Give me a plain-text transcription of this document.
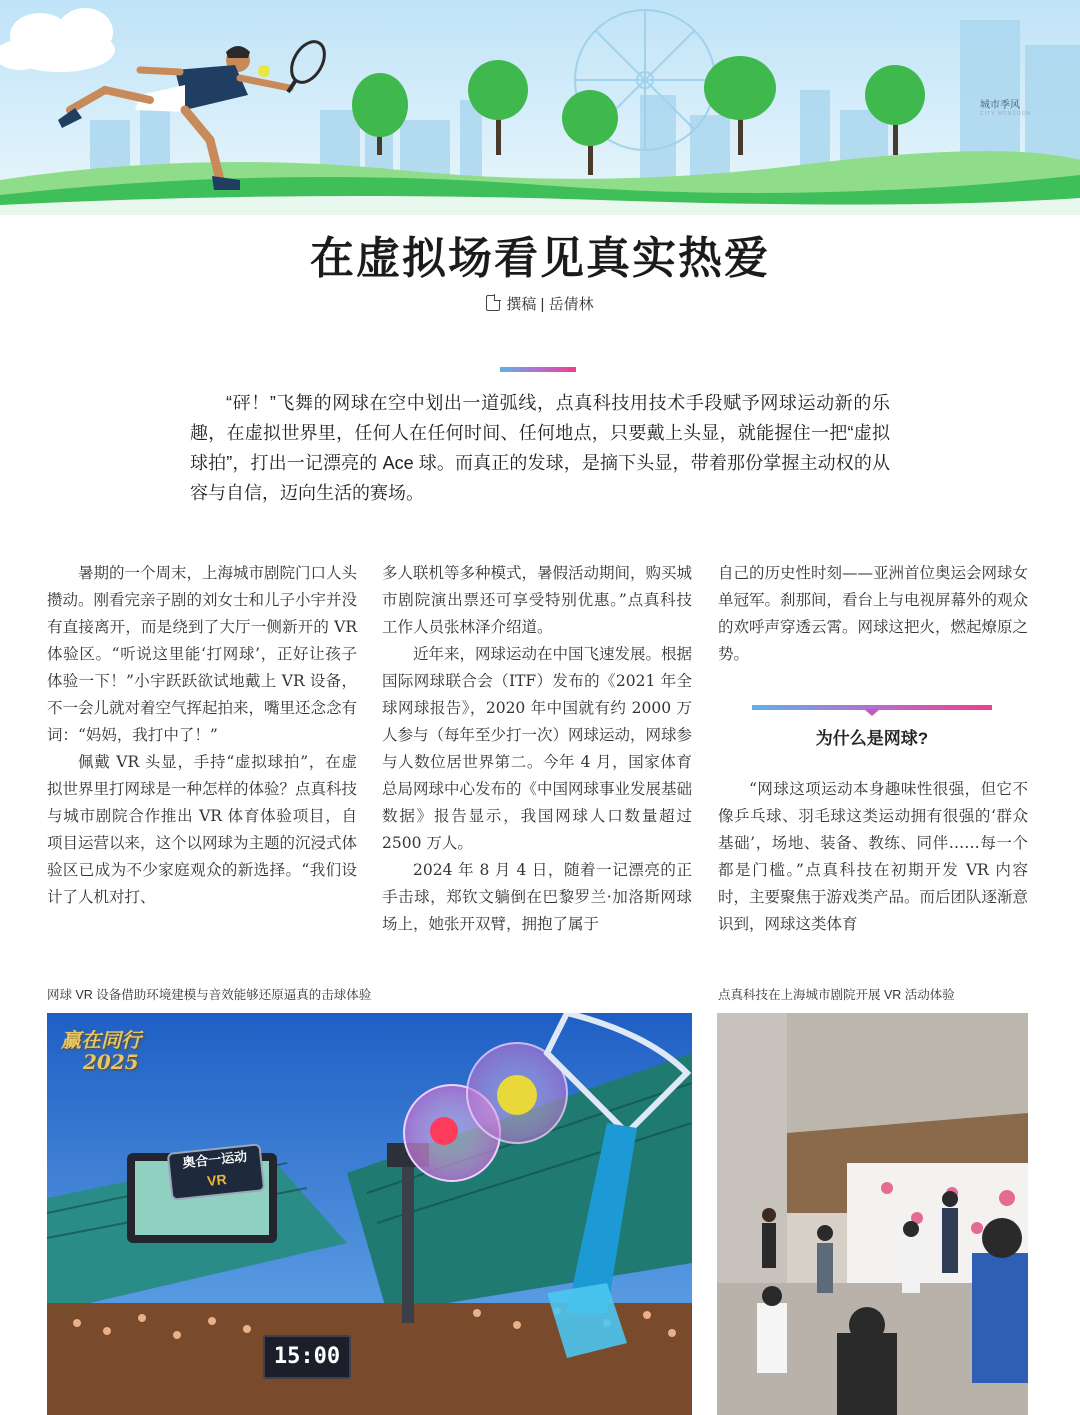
城市季风
CITY MONSOON
在虚拟场看见真实热爱
撰稿 | 岳倩林
“砰！”飞舞的网球在空中划出一道弧线，点真科技用技术手段赋予网球运动新的乐趣，在虚拟世界里，任何人在任何时间、任何地点，只要戴上头显，就能握住一把“虚拟球拍”，打出一记漂亮的 Ace 球。而真正的发球，是摘下头显，带着那份掌握主动权的从容与自信，迈向生活的赛场。

暑期的一个周末，上海城市剧院门口人头攒动。刚看完亲子剧的刘女士和儿子小宇并没有直接离开，而是绕到了大厅一侧新开的 VR 体验区。“听说这里能‘打网球’，正好让孩子体验一下！”小宇跃跃欲试地戴上 VR 设备，不一会儿就对着空气挥起拍来，嘴里还念念有词：“妈妈，我打中了！”

佩戴 VR 头显，手持“虚拟球拍”，在虚拟世界里打网球是一种怎样的体验？点真科技与城市剧院合作推出 VR 体育体验项目，自项目运营以来，这个以网球为主题的沉浸式体验区已成为不少家庭观众的新选择。“我们设计了人机对打、

多人联机等多种模式，暑假活动期间，购买城市剧院演出票还可享受特别优惠。”点真科技工作人员张林泽介绍道。

近年来，网球运动在中国飞速发展。根据国际网球联合会（ITF）发布的《2021 年全球网球报告》，2020 年中国就有约 2000 万人参与（每年至少打一次）网球运动，网球参与人数位居世界第二。今年 4 月，国家体育总局网球中心发布的《中国网球事业发展基础数据》报告显示，我国网球人口数量超过 2500 万人。

2024 年 8 月 4 日，随着一记漂亮的正手击球，郑钦文躺倒在巴黎罗兰·加洛斯网球场上，她张开双臂，拥抱了属于

自己的历史性时刻——亚洲首位奥运会网球女单冠军。刹那间，看台上与电视屏幕外的观众的欢呼声穿透云霄。网球这把火，燃起燎原之势。

为什么是网球?

“网球这项运动本身趣味性很强，但它不像乒乓球、羽毛球这类运动拥有很强的‘群众基础’，场地、装备、教练、同伴……每一个都是门槛。”点真科技在初期开发 VR 内容时，主要聚焦于游戏类产品。而后团队逐渐意识到，网球这类体育

网球 VR 设备借助环境建模与音效能够还原逼真的击球体验	点真科技在上海城市剧院开展 VR 活动体验
赢在同行
2025
奥合一运动
VR
15:00
